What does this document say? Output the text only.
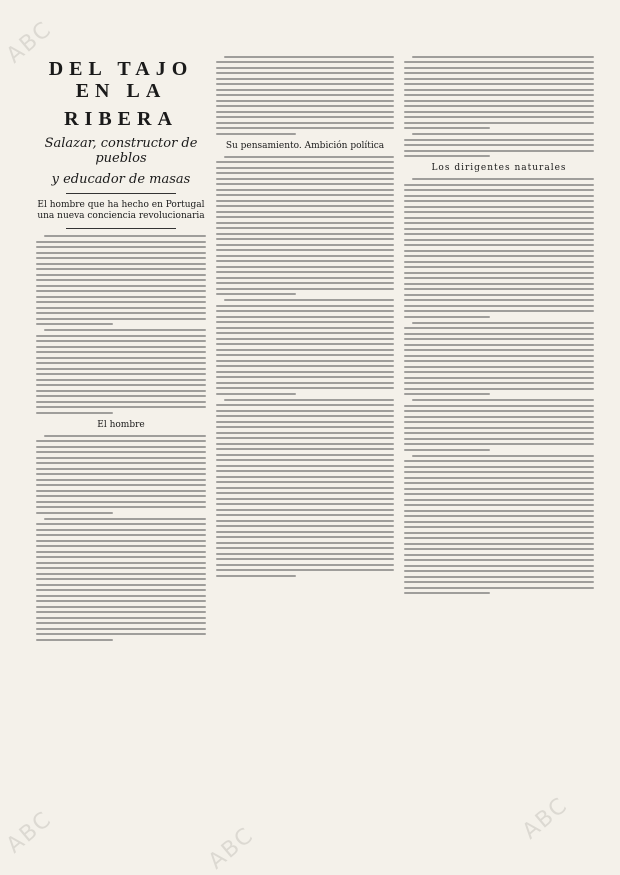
ABC
ABC	ABC
ABC
DEL TAJO EN LA
RIBERA
Salazar, constructor de pueblos
y educador de masas
El hombre que ha hecho en Portugal una nueva conciencia revolucionaria
El hombre
Su pensamiento. Ambición política
Los dirigentes naturales
